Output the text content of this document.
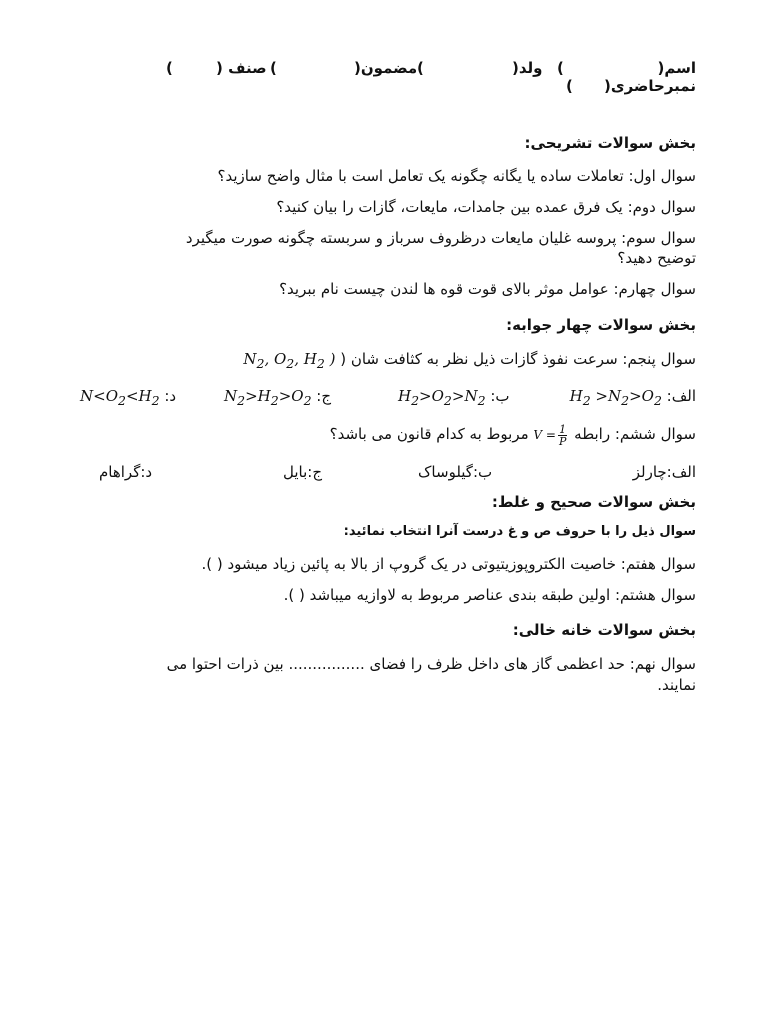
اسم(
)
ولد(
)
مضمون(
)
صنف (
)
نمبرحاضری(
)
بخش سوالات تشریحی:
سوال اول: تعاملات ساده یا یگانه چگونه یک تعامل است با مثال واضح سازید؟
سوال دوم: یک فرق عمده بین جامدات، مایعات، گازات را بیان کنید؟
سوال سوم: پروسه غلیان مایعات درظروف سرباز و سربسته چگونه صورت میگیرد
توضیح دهید؟
سوال چهارم: عوامل موثر بالای قوت قوه ها لندن چیست نام ببرید؟
بخش سوالات چهار جوابه:
سوال پنجم: سرعت نفوذ گازات ذیل نظر به کثافت شان ( $N_2$, $O_2$, $H_2$ )
الف: $H_2 >N_2>O_2$
ب: $H_2>O_2>N_2$
ج: $N_2>H_2>O_2$
د: $N<O_2<H_2$
سوال ششم: رابطه $V = \frac{1}{P}$
مربوط به کدام قانون می باشد؟
الف:چارلز
ب:گیلوساک
ج:بایل
د:گراهام
بخش سوالات صحیح و غلط:
سوال ذیل را با حروف ص و غ درست آنرا انتخاب نمائید:
سوال هفتم: خاصیت الکتروپوزیتیوتی در یک گروپ از بالا به پائین زیاد میشود ( ).
سوال هشتم: اولین طبقه بندی عناصر مربوط به لاوازیه میباشد ( ).
بخش سوالات خانه خالی:
سوال نهم: حد اعظمی گاز های داخل ظرف را فضای ................ بین ذرات احتوا می
نمایند.
